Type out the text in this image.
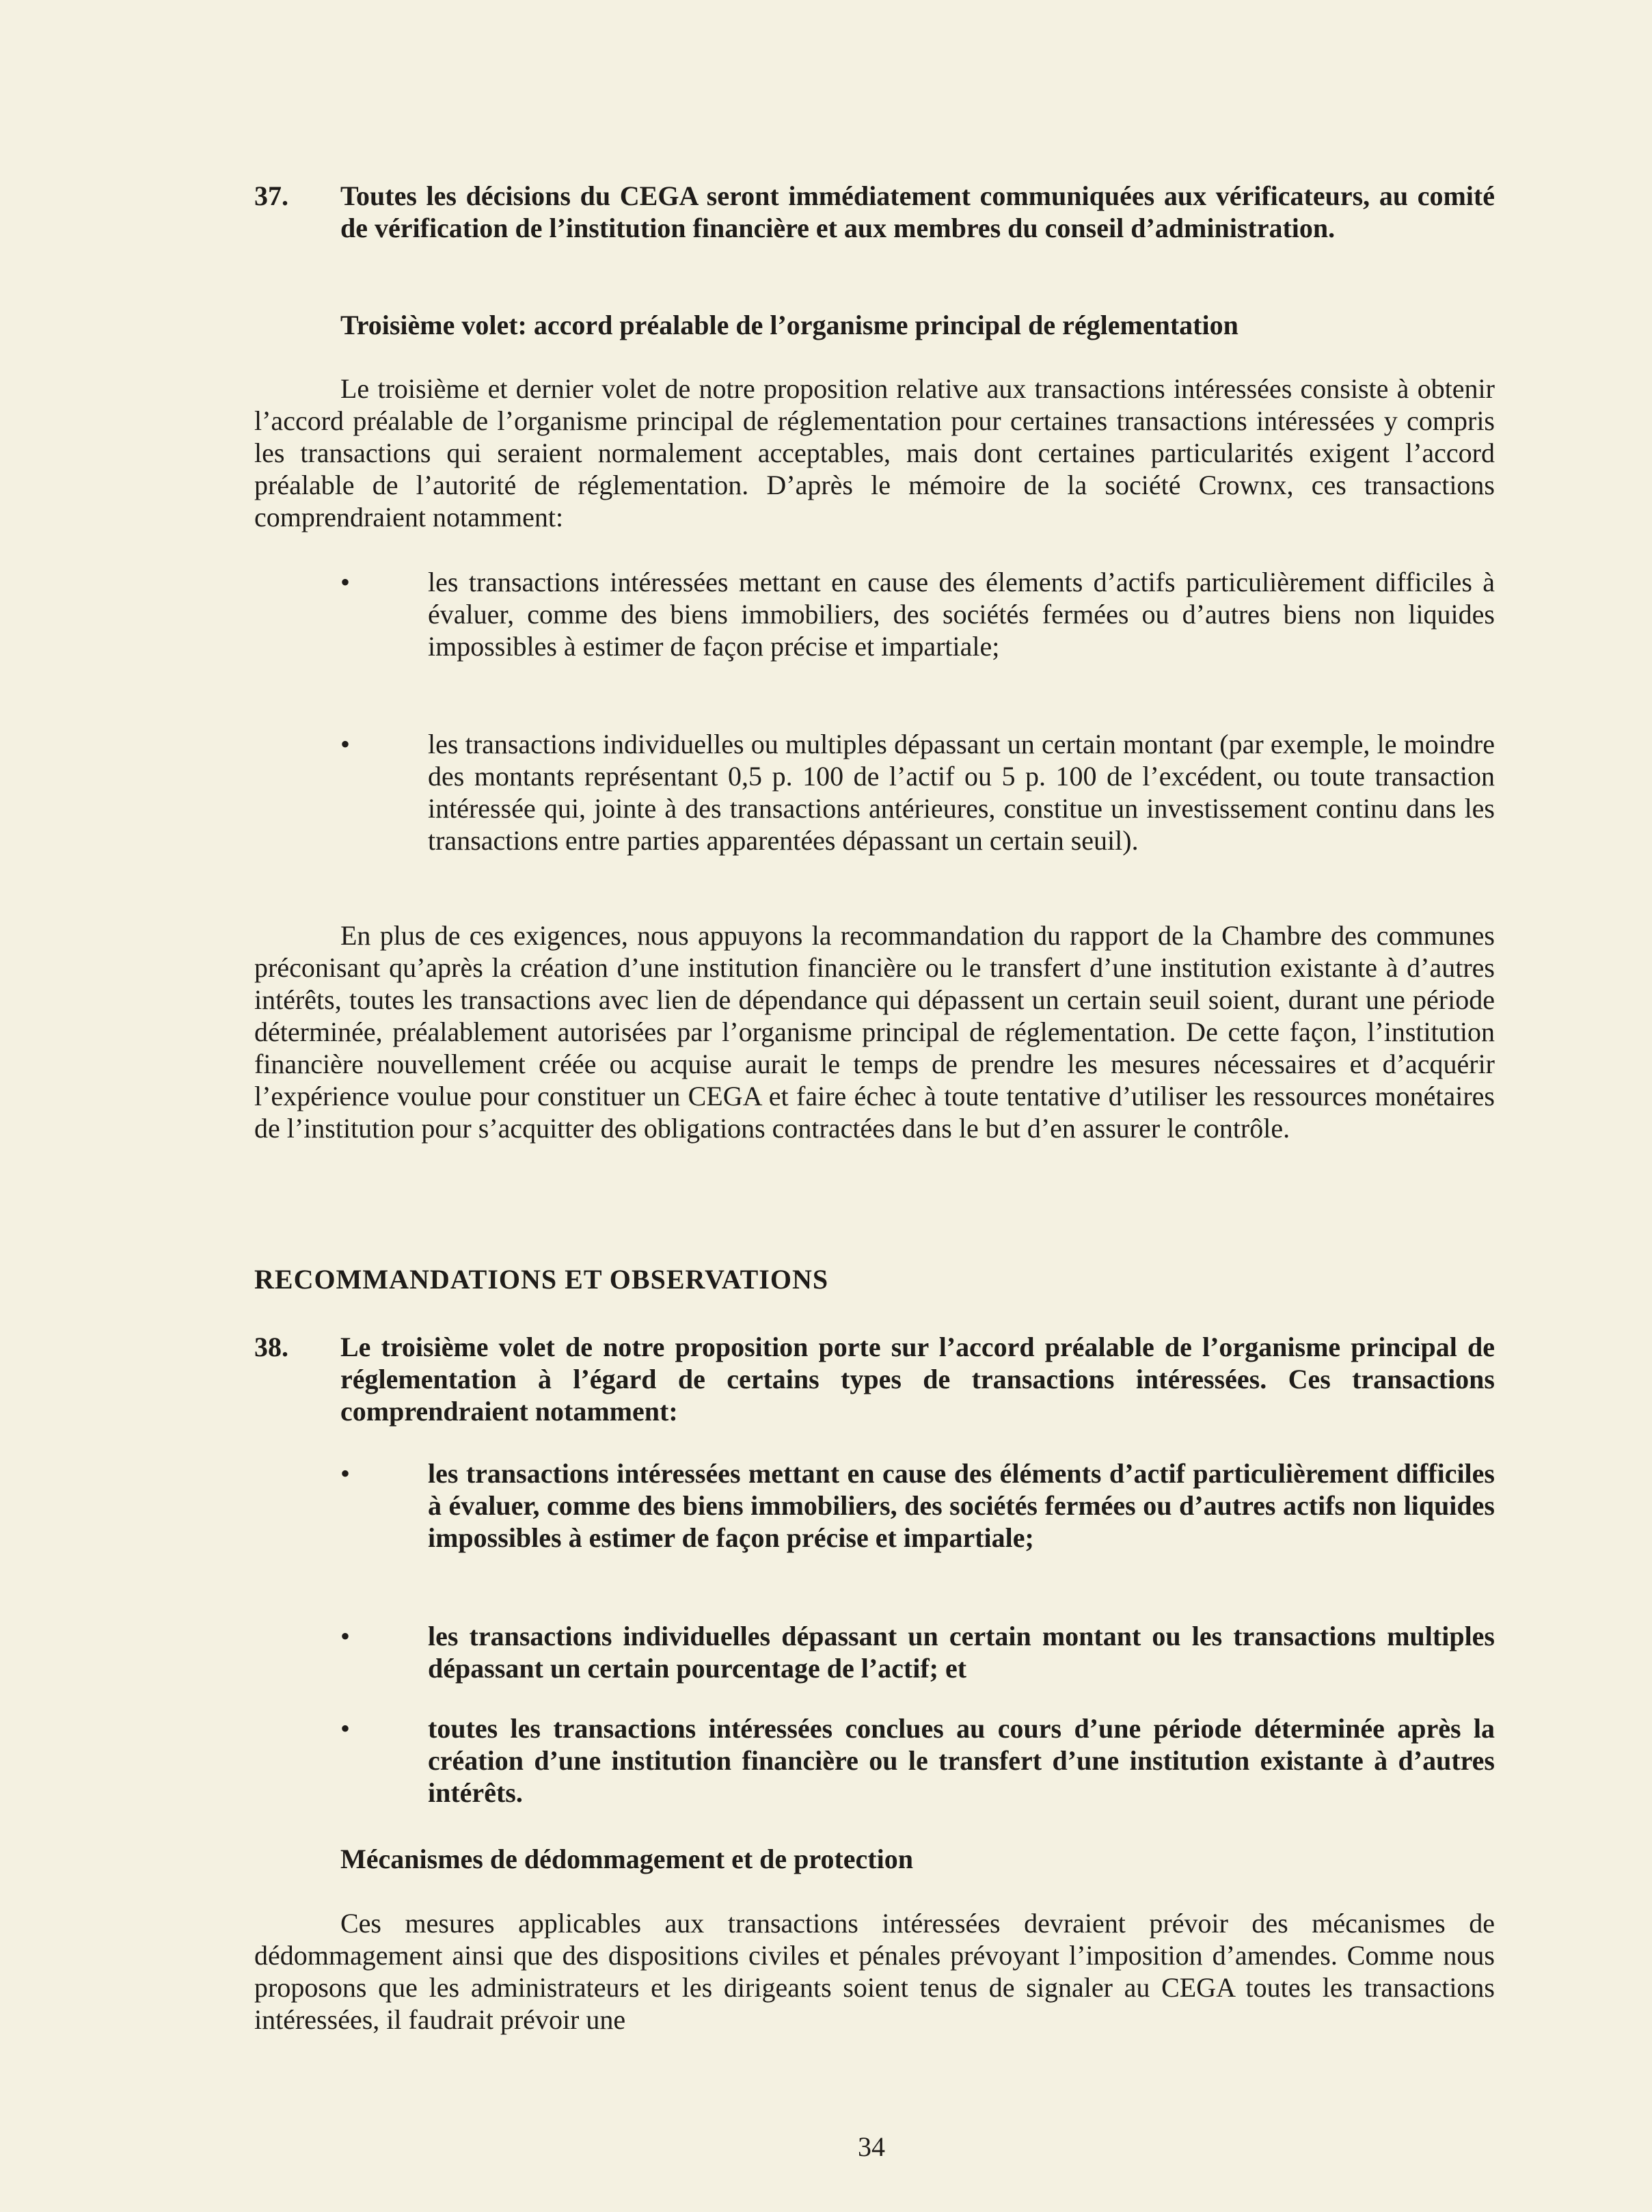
37. Toutes les décisions du CEGA seront immédiatement communiquées aux vérificateurs, au comité de vérification de l’institution financière et aux membres du conseil d’administration.
Troisième volet: accord préalable de l’organisme principal de réglementation
Le troisième et dernier volet de notre proposition relative aux transactions intéressées consiste à obtenir l’accord préalable de l’organisme principal de réglementation pour certaines transactions intéressées y compris les transactions qui seraient normalement acceptables, mais dont certaines particularités exigent l’accord préalable de l’autorité de réglementation. D’après le mémoire de la société Crownx, ces transactions comprendraient notamment:
•	les transactions intéressées mettant en cause des élements d’actifs particulièrement difficiles à évaluer, comme des biens immobiliers, des sociétés fermées ou d’autres biens non liquides impossibles à estimer de façon précise et impartiale;
•	les transactions individuelles ou multiples dépassant un certain montant (par exemple, le moindre des montants représentant 0,5 p. 100 de l’actif ou 5 p. 100 de l’excédent, ou toute transaction intéressée qui, jointe à des transactions antérieures, constitue un investissement continu dans les transactions entre parties apparentées dépassant un certain seuil).
En plus de ces exigences, nous appuyons la recommandation du rapport de la Chambre des communes préconisant qu’après la création d’une institution financière ou le transfert d’une institution existante à d’autres intérêts, toutes les transactions avec lien de dépendance qui dépassent un certain seuil soient, durant une période déterminée, préalablement autorisées par l’organisme principal de réglementation. De cette façon, l’institution financière nouvellement créée ou acquise aurait le temps de prendre les mesures nécessaires et d’acquérir l’expérience voulue pour constituer un CEGA et faire échec à toute tentative d’utiliser les ressources monétaires de l’institution pour s’acquitter des obligations contractées dans le but d’en assurer le contrôle.
RECOMMANDATIONS ET OBSERVATIONS
38. Le troisième volet de notre proposition porte sur l’accord préalable de l’organisme principal de réglementation à l’égard de certains types de transactions intéressées. Ces transactions comprendraient notamment:
•	les transactions intéressées mettant en cause des éléments d’actif particulièrement difficiles à évaluer, comme des biens immobiliers, des sociétés fermées ou d’autres actifs non liquides impossibles à estimer de façon précise et impartiale;
•	les transactions individuelles dépassant un certain montant ou les transactions multiples dépassant un certain pourcentage de l’actif; et
•	toutes les transactions intéressées conclues au cours d’une période déterminée après la création d’une institution financière ou le transfert d’une institution existante à d’autres intérêts.
Mécanismes de dédommagement et de protection
Ces mesures applicables aux transactions intéressées devraient prévoir des mécanismes de dédommagement ainsi que des dispositions civiles et pénales prévoyant l’imposition d’amendes. Comme nous proposons que les administrateurs et les dirigeants soient tenus de signaler au CEGA toutes les transactions intéressées, il faudrait prévoir une
34
